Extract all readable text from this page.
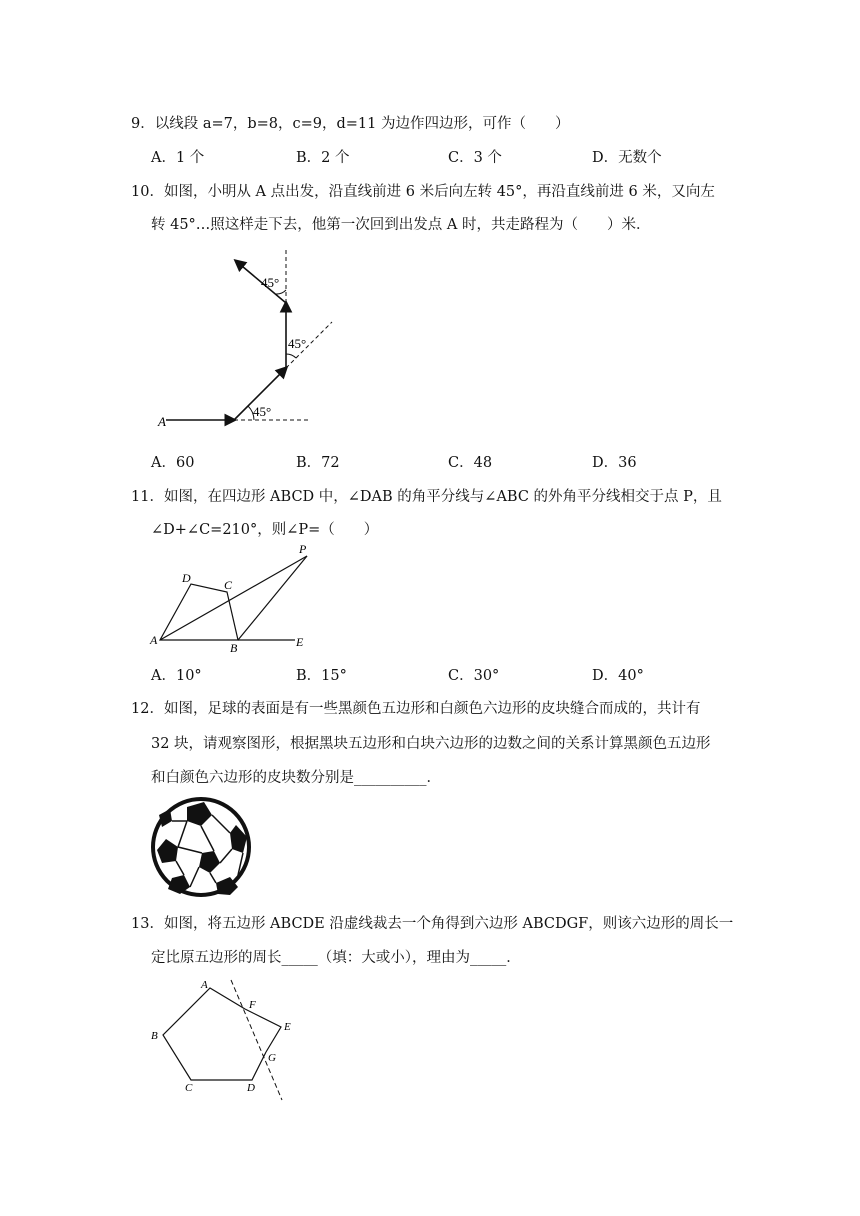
9．以线段 a=7，b=8，c=9，d=11 为边作四边形，可作（　　）
A．1 个	B．2 个	C．3 个	D．无数个
10．如图，小明从 A 点出发，沿直线前进 6 米后向左转 45°，再沿直线前进 6 米，又向左
转 45°…照这样走下去，他第一次回到出发点 A 时，共走路程为（　　）米．
45°
45°
45°
A
A．60	B．72	C．48	D．36
11．如图，在四边形 ABCD 中，∠DAB 的角平分线与∠ABC 的外角平分线相交于点 P，且
∠D+∠C=210°，则∠P=（　　）
A
B
C
D
E
P
A．10°	B．15°	C．30°	D．40°
12．如图，足球的表面是有一些黑颜色五边形和白颜色六边形的皮块缝合而成的，共计有
32 块，请观察图形，根据黑块五边形和白块六边形的边数之间的关系计算黑颜色五边形
和白颜色六边形的皮块数分别是__________．
13．如图，将五边形 ABCDE 沿虚线裁去一个角得到六边形 ABCDGF，则该六边形的周长一
定比原五边形的周长_____（填：大或小），理由为_____．
A
B
C	D
E
F
G
